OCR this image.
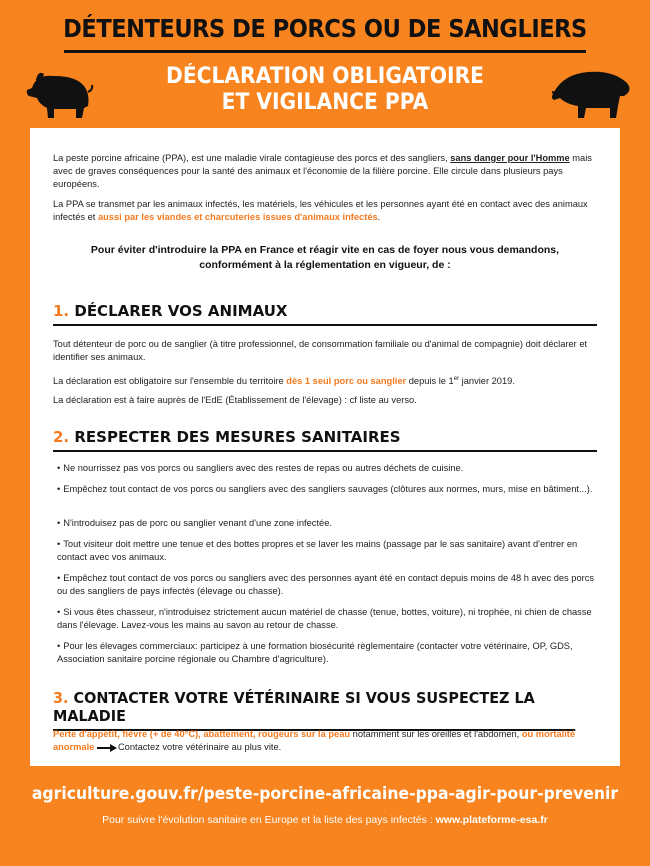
DÉTENTEURS DE PORCS OU DE SANGLIERS
DÉCLARATION OBLIGATOIRE
ET VIGILANCE PPA

La peste porcine africaine (PPA), est une maladie virale contagieuse des porcs et des sangliers, sans danger pour l'Homme mais avec de graves conséquences pour la santé des animaux et l'économie de la filière porcine. Elle circule dans plusieurs pays européens.

La PPA se transmet par les animaux infectés, les matériels, les véhicules et les personnes ayant été en contact avec des animaux infectés et aussi par les viandes et charcuteries issues d'animaux infectés.

Pour éviter d'introduire la PPA en France et réagir vite en cas de foyer nous vous demandons,
conformément à la réglementation en vigueur, de :
1. DÉCLARER VOS ANIMAUX

Tout détenteur de porc ou de sanglier (à titre professionnel, de consommation familiale ou d'animal de compagnie) doit déclarer et identifier ses animaux.

La déclaration est obligatoire sur l'ensemble du territoire dès 1 seul porc ou sanglier depuis le 1er janvier 2019.

La déclaration est à faire auprès de l'EdE (Établissement de l'élevage) : cf liste au verso.

2. RESPECTER DES MESURES SANITAIRES

• Ne nourrissez pas vos porcs ou sangliers avec des restes de repas ou autres déchets de cuisine.

• Empêchez tout contact de vos porcs ou sangliers avec des sangliers sauvages (clôtures aux normes, murs, mise en bâtiment...).

• N'introduisez pas de porc ou sanglier venant d'une zone infectée.

• Tout visiteur doit mettre une tenue et des bottes propres et se laver les mains (passage par le sas sanitaire) avant d'entrer en contact avec vos animaux.

• Empêchez tout contact de vos porcs ou sangliers avec des personnes ayant été en contact depuis moins de 48 h avec des porcs ou des sangliers de pays infectés (élevage ou chasse).

• Si vous êtes chasseur, n'introduisez strictement aucun matériel de chasse (tenue, bottes, voiture), ni trophée, ni chien de chasse dans l'élevage. Lavez-vous les mains au savon au retour de chasse.

• Pour les élevages commerciaux: participez à une formation biosécurité règlementaire (contacter votre vétérinaire, OP, GDS, Association sanitaire porcine régionale ou Chambre d'agriculture).

3. CONTACTER VOTRE VÉTÉRINAIRE SI VOUS SUSPECTEZ LA MALADIE

Perte d'appétit, fièvre (+ de 40°C), abattement, rougeurs sur la peau notamment sur les oreilles et l'abdomen, ou mortalité anormale	Contactez votre vétérinaire au plus vite.

agriculture.gouv.fr/peste-porcine-africaine-ppa-agir-pour-prevenir
Pour suivre l'évolution sanitaire en Europe et la liste des pays infectés : www.plateforme-esa.fr
